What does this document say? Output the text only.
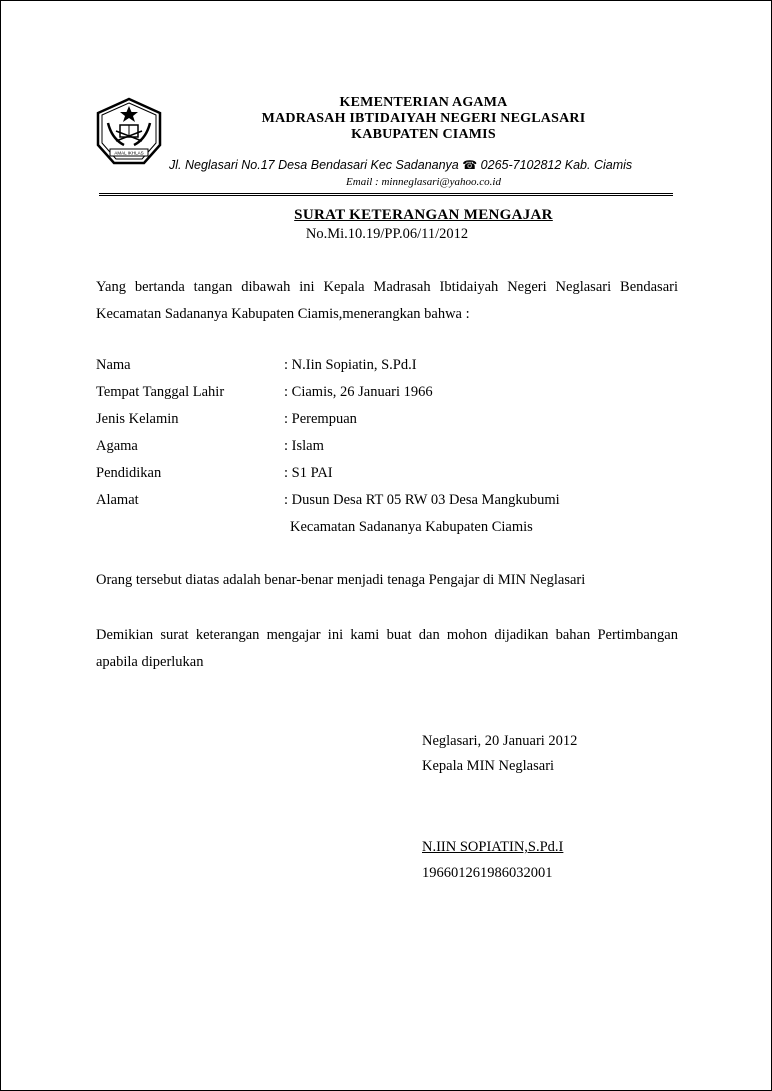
AMAL IKHLAS
KEMENTERIAN AGAMA
MADRASAH IBTIDAIYAH NEGERI NEGLASARI
KABUPATEN CIAMIS
Jl. Neglasari No.17 Desa Bendasari Kec Sadananya ☎ 0265-7102812 Kab. Ciamis
Email : minneglasari@yahoo.co.id
SURAT KETERANGAN MENGAJAR
No.Mi.10.19/PP.06/11/2012
Yang bertanda tangan dibawah ini Kepala Madrasah Ibtidaiyah Negeri Neglasari Bendasari
Kecamatan Sadananya Kabupaten Ciamis,menerangkan bahwa :
Nama	: N.Iin Sopiatin, S.Pd.I
Tempat Tanggal Lahir	: Ciamis, 26 Januari 1966
Jenis Kelamin	: Perempuan
Agama	: Islam
Pendidikan	: S1 PAI
Alamat	: Dusun Desa RT 05 RW 03 Desa Mangkubumi
Kecamatan Sadananya Kabupaten Ciamis
Orang tersebut diatas adalah benar-benar menjadi tenaga Pengajar di MIN Neglasari
Demikian surat keterangan mengajar ini kami buat dan mohon dijadikan bahan Pertimbangan
apabila diperlukan
Neglasari, 20 Januari 2012
Kepala MIN Neglasari
N.IIN SOPIATIN,S.Pd.I
196601261986032001
